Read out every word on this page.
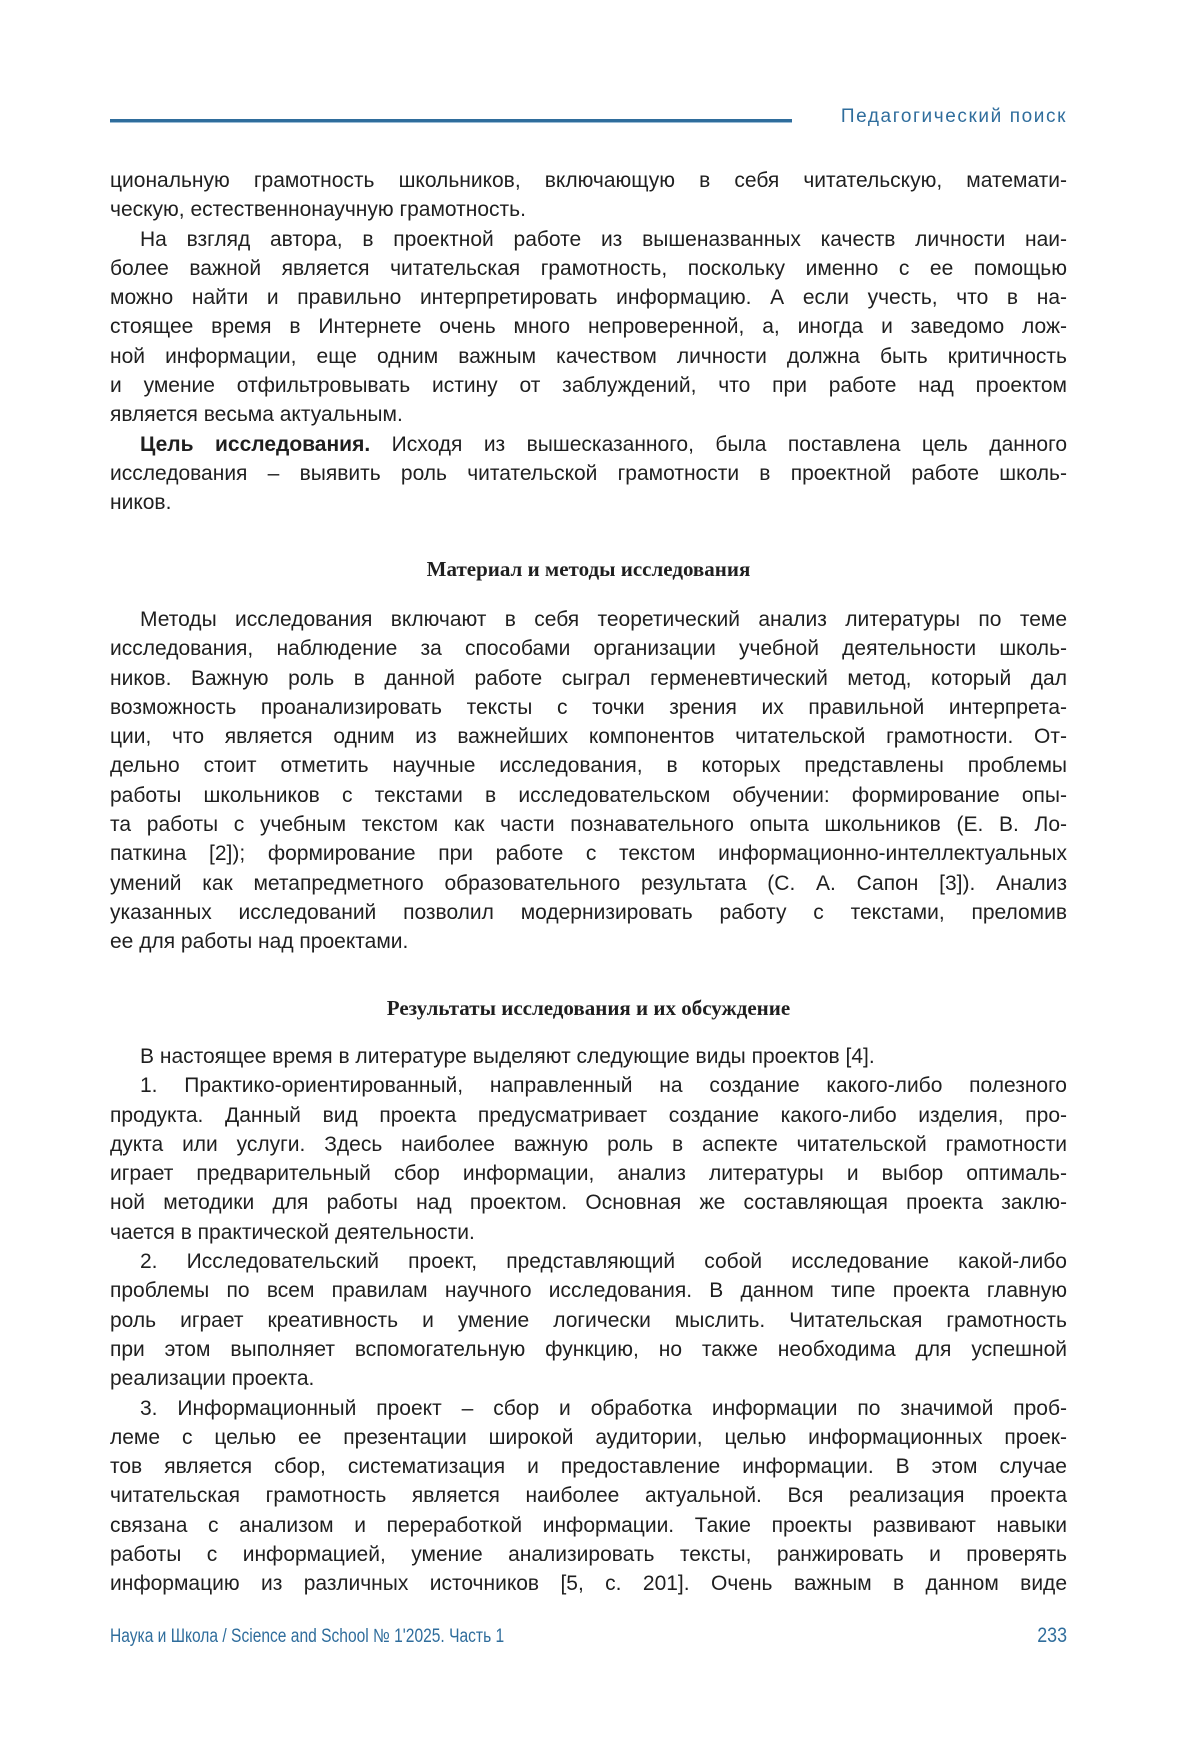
Педагогический поиск
циональную грамотность школьников, включающую в себя читательскую, математи-
ческую, естественнонаучную грамотность.
На взгляд автора, в проектной работе из вышеназванных качеств личности наи-
более важной является читательская грамотность, поскольку именно с ее помощью
можно найти и правильно интерпретировать информацию. А если учесть, что в на-
стоящее время в Интернете очень много непроверенной, а, иногда и заведомо лож-
ной информации, еще одним важным качеством личности должна быть критичность
и умение отфильтровывать истину от заблуждений, что при работе над проектом
является весьма актуальным.
Цель исследования. Исходя из вышесказанного, была поставлена цель данного
исследования – выявить роль читательской грамотности в проектной работе школь-
ников.
Материал и методы исследования
Методы исследования включают в себя теоретический анализ литературы по теме
исследования, наблюдение за способами организации учебной деятельности школь-
ников. Важную роль в данной работе сыграл герменевтический метод, который дал
возможность проанализировать тексты с точки зрения их правильной интерпрета-
ции, что является одним из важнейших компонентов читательской грамотности. От-
дельно стоит отметить научные исследования, в которых представлены проблемы
работы школьников с текстами в исследовательском обучении: формирование опы-
та работы с учебным текстом как части познавательного опыта школьников (Е. В. Ло-
паткина [2]); формирование при работе с текстом информационно-интеллектуальных
умений как метапредметного образовательного результата (С. А. Сапон [3]). Анализ
указанных исследований позволил модернизировать работу с текстами, преломив
ее для работы над проектами.
Результаты исследования и их обсуждение
В настоящее время в литературе выделяют следующие виды проектов [4].
1. Практико-ориентированный, направленный на создание какого-либо полезного
продукта. Данный вид проекта предусматривает создание какого-либо изделия, про-
дукта или услуги. Здесь наиболее важную роль в аспекте читательской грамотности
играет предварительный сбор информации, анализ литературы и выбор оптималь-
ной методики для работы над проектом. Основная же составляющая проекта заклю-
чается в практической деятельности.
2. Исследовательский проект, представляющий собой исследование какой-либо
проблемы по всем правилам научного исследования. В данном типе проекта главную
роль играет креативность и умение логически мыслить. Читательская грамотность
при этом выполняет вспомогательную функцию, но также необходима для успешной
реализации проекта.
3. Информационный проект – сбор и обработка информации по значимой проб-
леме с целью ее презентации широкой аудитории, целью информационных проек-
тов является сбор, систематизация и предоставление информации. В этом случае
читательская грамотность является наиболее актуальной. Вся реализация проекта
связана с анализом и переработкой информации. Такие проекты развивают навыки
работы с информацией, умение анализировать тексты, ранжировать и проверять
информацию из различных источников [5, с. 201]. Очень важным в данном виде
Наука и Школа / Science and School № 1'2025. Часть 1	233
